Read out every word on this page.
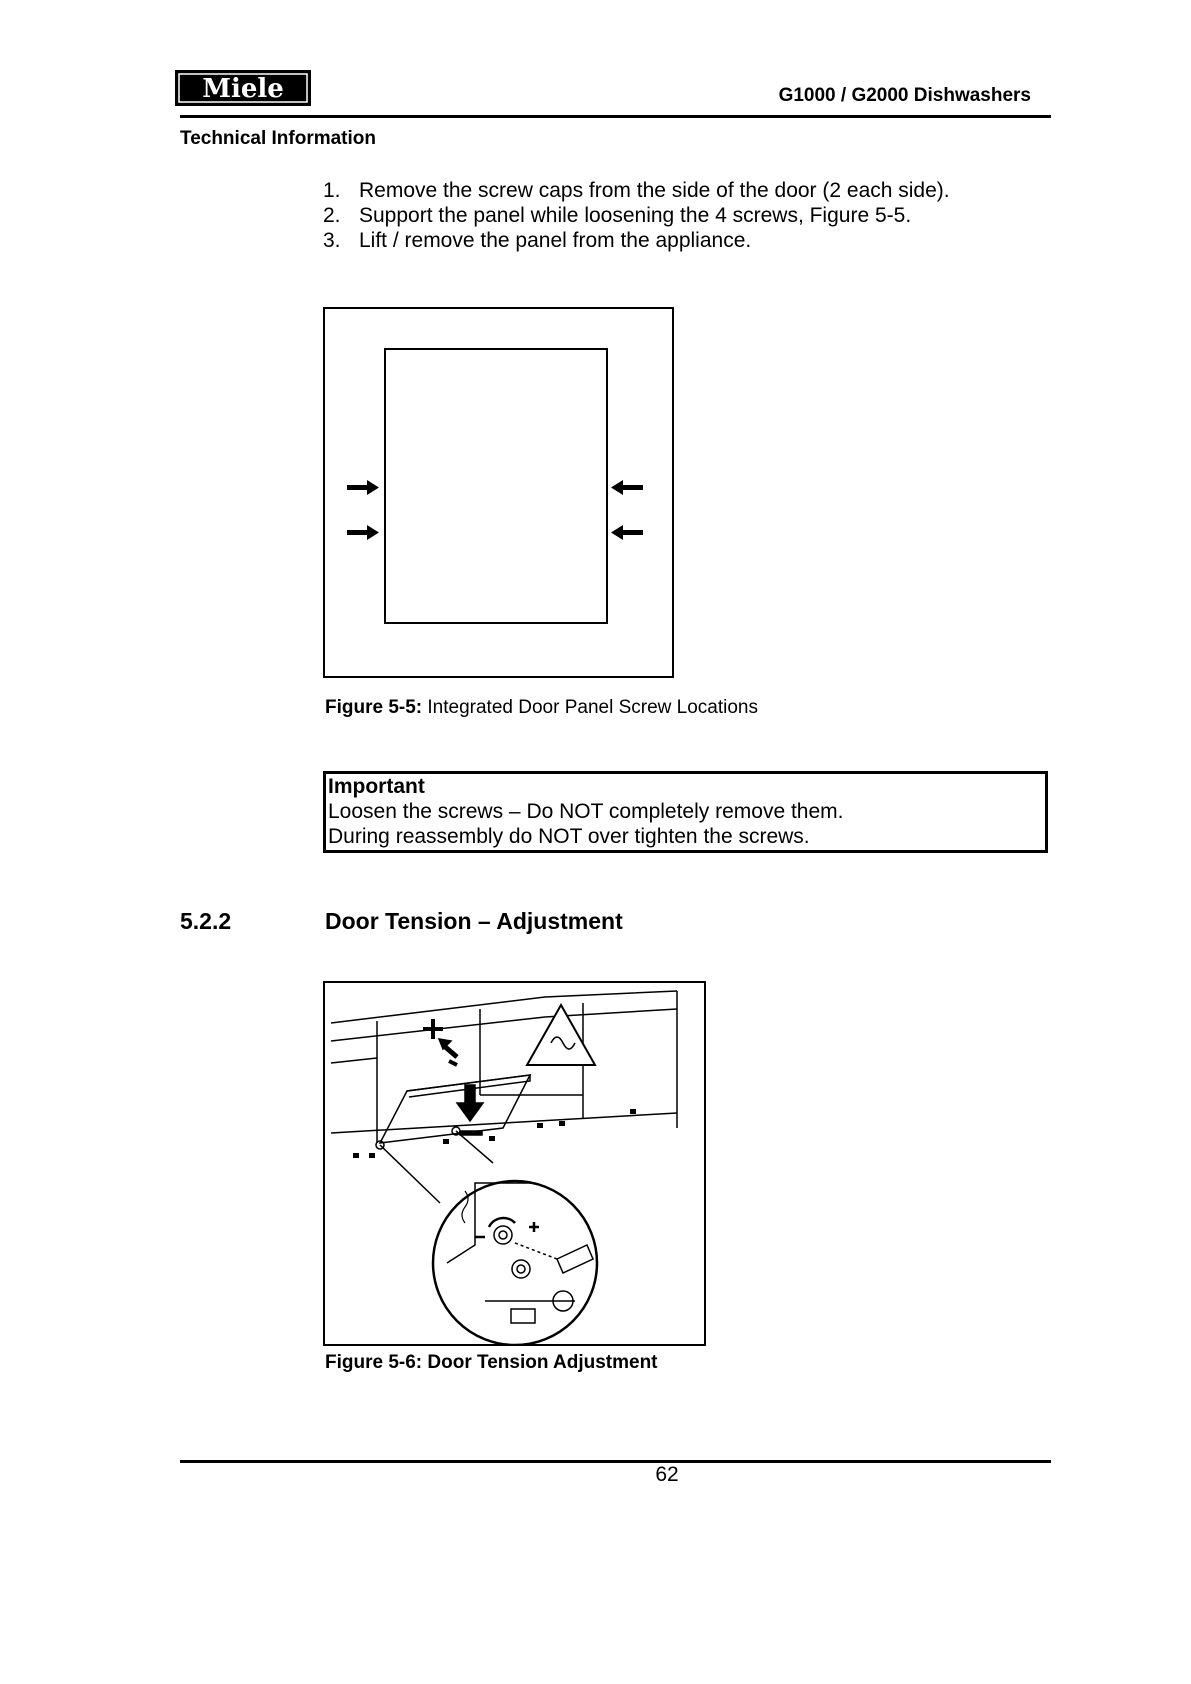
Miele	G1000 / G2000 Dishwashers
Technical Information
1. Remove the screw caps from the side of the door (2 each side).
2. Support the panel while loosening the 4 screws, Figure 5-5.
3. Lift / remove the panel from the appliance.
Figure 5-5: Integrated Door Panel Screw Locations
Important
Loosen the screws – Do NOT completely remove them.
During reassembly do NOT over tighten the screws.
5.2.2	Door Tension – Adjustment
Figure 5-6: Door Tension Adjustment
62
